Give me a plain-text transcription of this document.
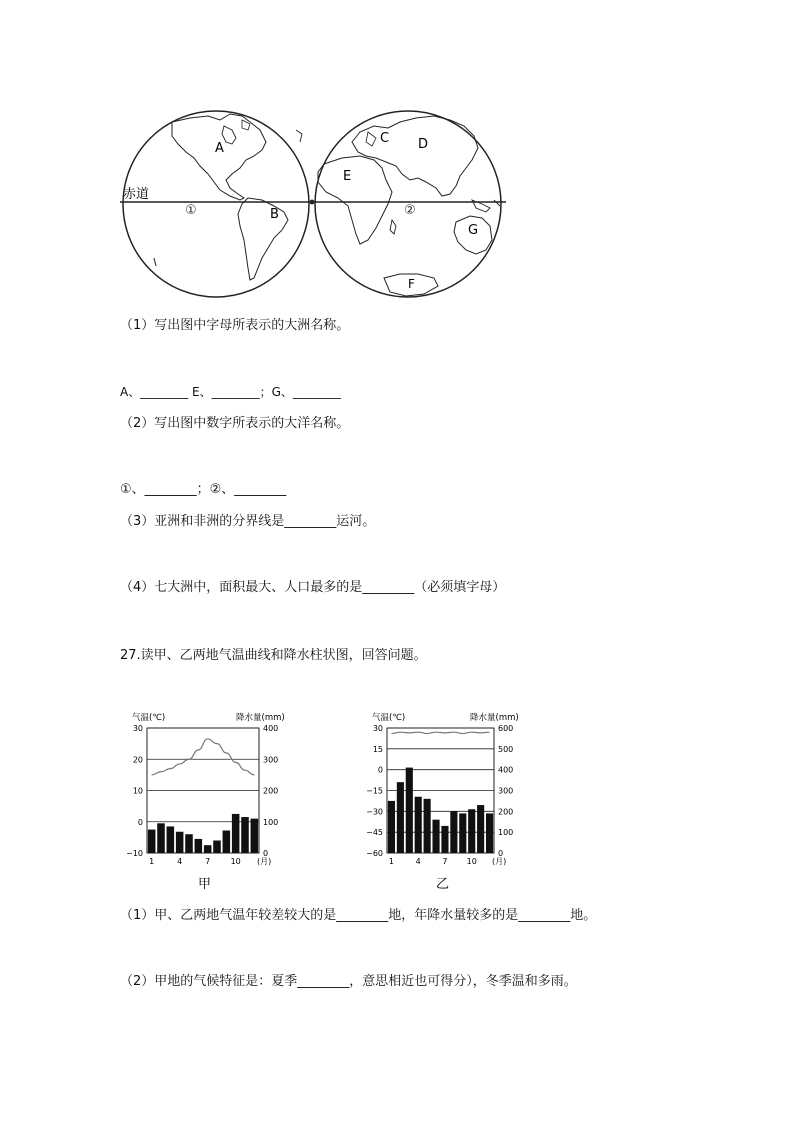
赤道
A
B
C D
E
F
G
①	②
（1）写出图中字母所表示的大洲名称。
A、________ E、________；G、________
（2）写出图中数字所表示的大洋名称。
①、________；②、________
（3）亚洲和非洲的分界线是________运河。
（4）七大洲中，面积最大、人口最多的是________（必须填字母）
27.读甲、乙两地气温曲线和降水柱状图，回答问题。
气温(℃)	降水量(mm)
30	400
20	300
10	200
0	100
−10	0
1	4	7	10 (月)
甲
气温(℃)	降水量(mm)
30	600
15	500
0	400
−15	300
−30	200
−45	100
−60	0
1	4	7 10 (月)
乙
（1）甲、乙两地气温年较差较大的是________地，年降水量较多的是________地。
（2）甲地的气候特征是：夏季________，意思相近也可得分），冬季温和多雨。
